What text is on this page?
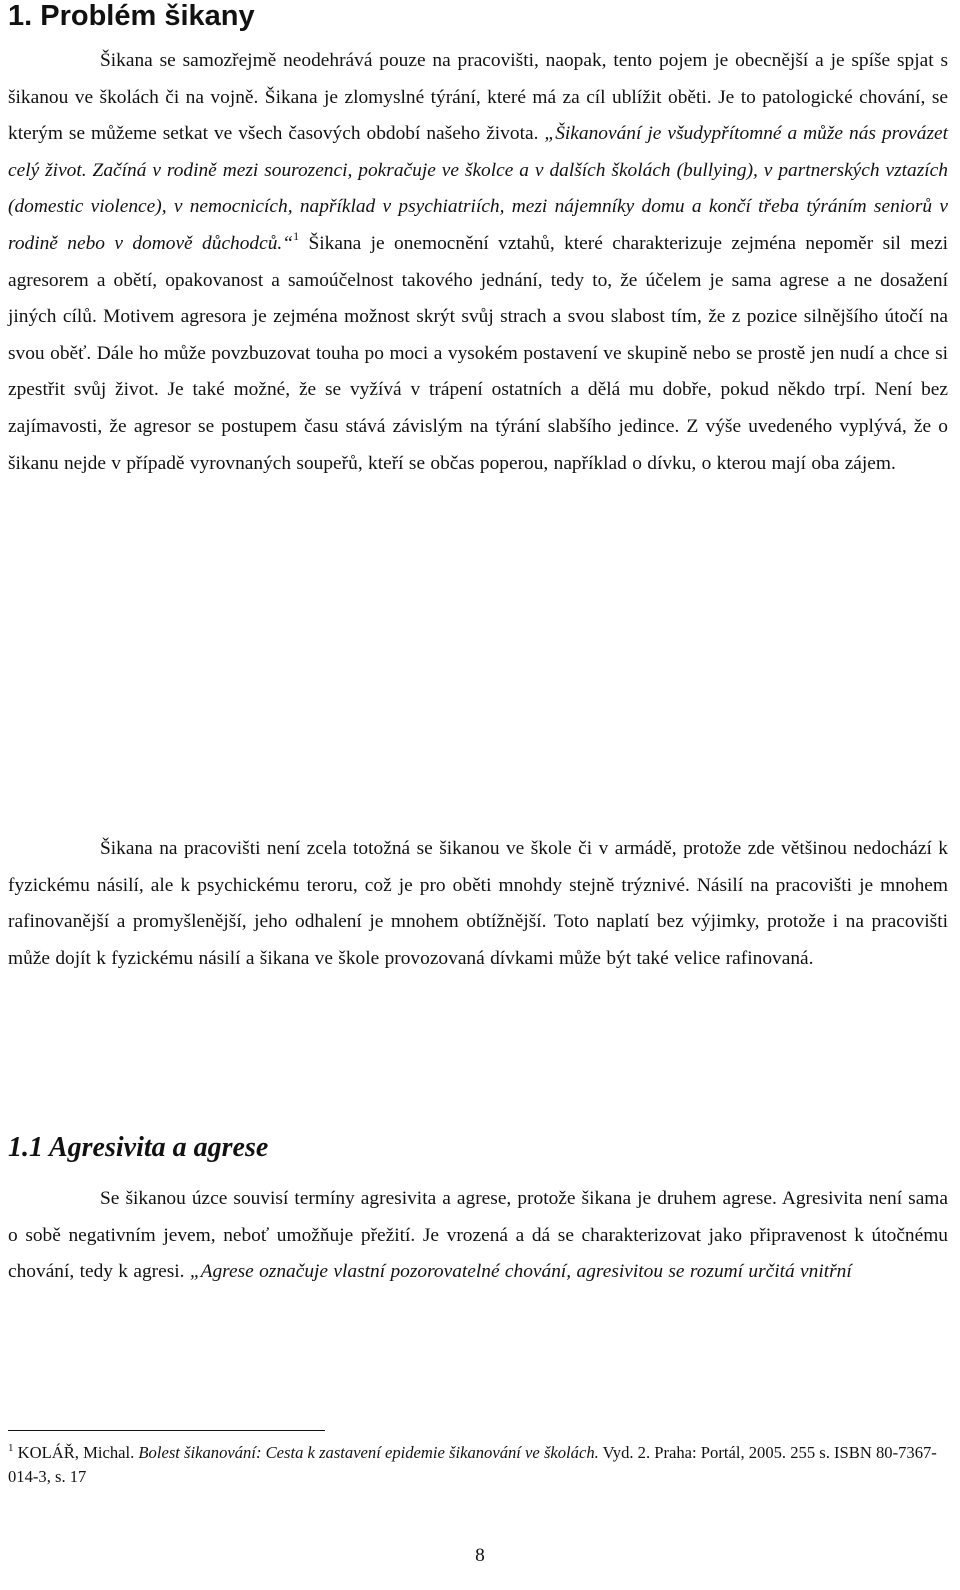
1. Problém šikany

Šikana se samozřejmě neodehrává pouze na pracovišti, naopak, tento pojem je obecnější a je spíše spjat s šikanou ve školách či na vojně. Šikana je zlomyslné týrání, které má za cíl ublížit oběti. Je to patologické chování, se kterým se můžeme setkat ve všech časových období našeho života. „Šikanování je všudypřítomné a může nás provázet celý život. Začíná v rodině mezi sourozenci, pokračuje ve školce a v dalších školách (bullying), v partnerských vztazích (domestic violence), v nemocnicích, například v psychiatriích, mezi nájemníky domu a končí třeba týráním seniorů v rodině nebo v domově důchodců.“$^1$ Šikana je onemocnění vztahů, které charakterizuje zejména nepoměr sil mezi agresorem a obětí, opakovanost a samoúčelnost takového jednání, tedy to, že účelem je sama agrese a ne dosažení jiných cílů. Motivem agresora je zejména možnost skrýt svůj strach a svou slabost tím, že z pozice silnějšího útočí na svou oběť. Dále ho může povzbuzovat touha po moci a vysokém postavení ve skupině nebo se prostě jen nudí a chce si zpestřit svůj život. Je také možné, že se vyžívá v trápení ostatních a dělá mu dobře, pokud někdo trpí. Není bez zajímavosti, že agresor se postupem času stává závislým na týrání slabšího jedince. Z výše uvedeného vyplývá, že o šikanu nejde v případě vyrovnaných soupeřů, kteří se občas poperou, například o dívku, o kterou mají oba zájem.

Šikana na pracovišti není zcela totožná se šikanou ve škole či v armádě, protože zde většinou nedochází k fyzickému násilí, ale k psychickému teroru, což je pro oběti mnohdy stejně trýznivé. Násilí na pracovišti je mnohem rafinovanější a promyšlenější, jeho odhalení je mnohem obtížnější. Toto naplatí bez výjimky, protože i na pracovišti může dojít k fyzickému násilí a šikana ve škole provozovaná dívkami může být také velice rafinovaná.

1.1 Agresivita a agrese

Se šikanou úzce souvisí termíny agresivita a agrese, protože šikana je druhem agrese. Agresivita není sama o sobě negativním jevem, neboť umožňuje přežití. Je vrozená a dá se charakterizovat jako připravenost k útočnému chování, tedy k agresi. „Agrese označuje vlastní pozorovatelné chování, agresivitou se rozumí určitá vnitřní

$^1$ KOLÁŘ, Michal. Bolest šikanování: Cesta k zastavení epidemie šikanování ve školách. Vyd. 2. Praha: Portál, 2005. 255 s. ISBN 80-7367-014-3, s. 17

8
